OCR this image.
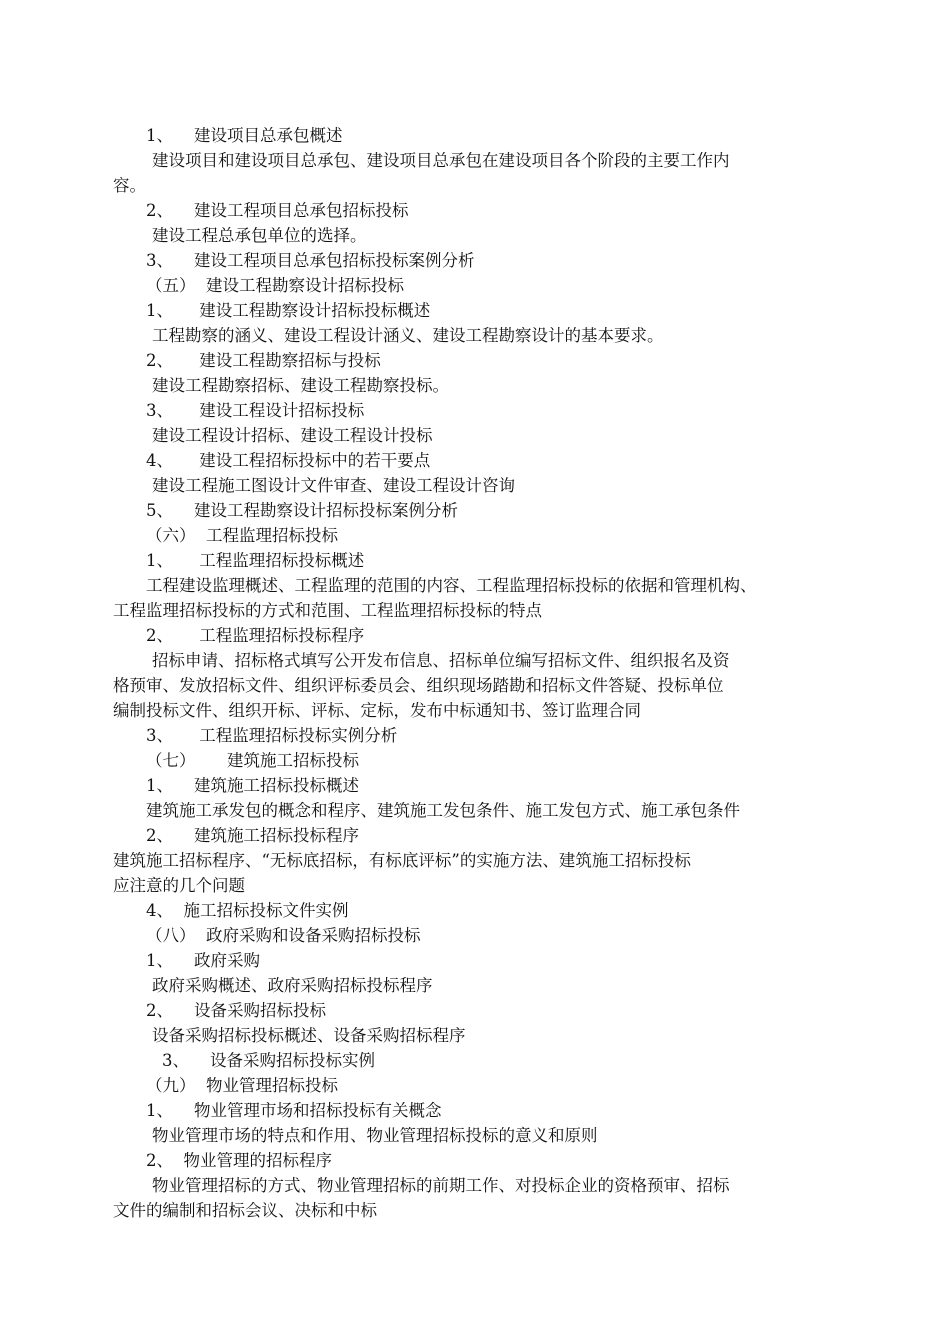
1、    建设项目总承包概述
建设项目和建设项目总承包、建设项目总承包在建设项目各个阶段的主要工作内
容。
2、    建设工程项目总承包招标投标
建设工程总承包单位的选择。
3、    建设工程项目总承包招标投标案例分析
（五）  建设工程勘察设计招标投标
1、     建设工程勘察设计招标投标概述
工程勘察的涵义、建设工程设计涵义、建设工程勘察设计的基本要求。
2、     建设工程勘察招标与投标
建设工程勘察招标、建设工程勘察投标。
3、     建设工程设计招标投标
建设工程设计招标、建设工程设计投标
4、     建设工程招标投标中的若干要点
建设工程施工图设计文件审查、建设工程设计咨询
5、    建设工程勘察设计招标投标案例分析
（六）  工程监理招标投标
1、     工程监理招标投标概述
工程建设监理概述、工程监理的范围的内容、工程监理招标投标的依据和管理机构、
工程监理招标投标的方式和范围、工程监理招标投标的特点
2、     工程监理招标投标程序
招标申请、招标格式填写公开发布信息、招标单位编写招标文件、组织报名及资
格预审、发放招标文件、组织评标委员会、组织现场踏勘和招标文件答疑、投标单位
编制投标文件、组织开标、评标、定标，发布中标通知书、签订监理合同
3、     工程监理招标投标实例分析
（七）      建筑施工招标投标
1、    建筑施工招标投标概述
建筑施工承发包的概念和程序、建筑施工发包条件、施工发包方式、施工承包条件
2、    建筑施工招标投标程序
建筑施工招标程序、“无标底招标，有标底评标”的实施方法、建筑施工招标投标
应注意的几个问题
4、  施工招标投标文件实例
（八）  政府采购和设备采购招标投标
1、    政府采购
政府采购概述、政府采购招标投标程序
2、    设备采购招标投标
设备采购招标投标概述、设备采购招标程序
3、    设备采购招标投标实例
（九）  物业管理招标投标
1、    物业管理市场和招标投标有关概念
物业管理市场的特点和作用、物业管理招标投标的意义和原则
2、  物业管理的招标程序
物业管理招标的方式、物业管理招标的前期工作、对投标企业的资格预审、招标
文件的编制和招标会议、决标和中标
